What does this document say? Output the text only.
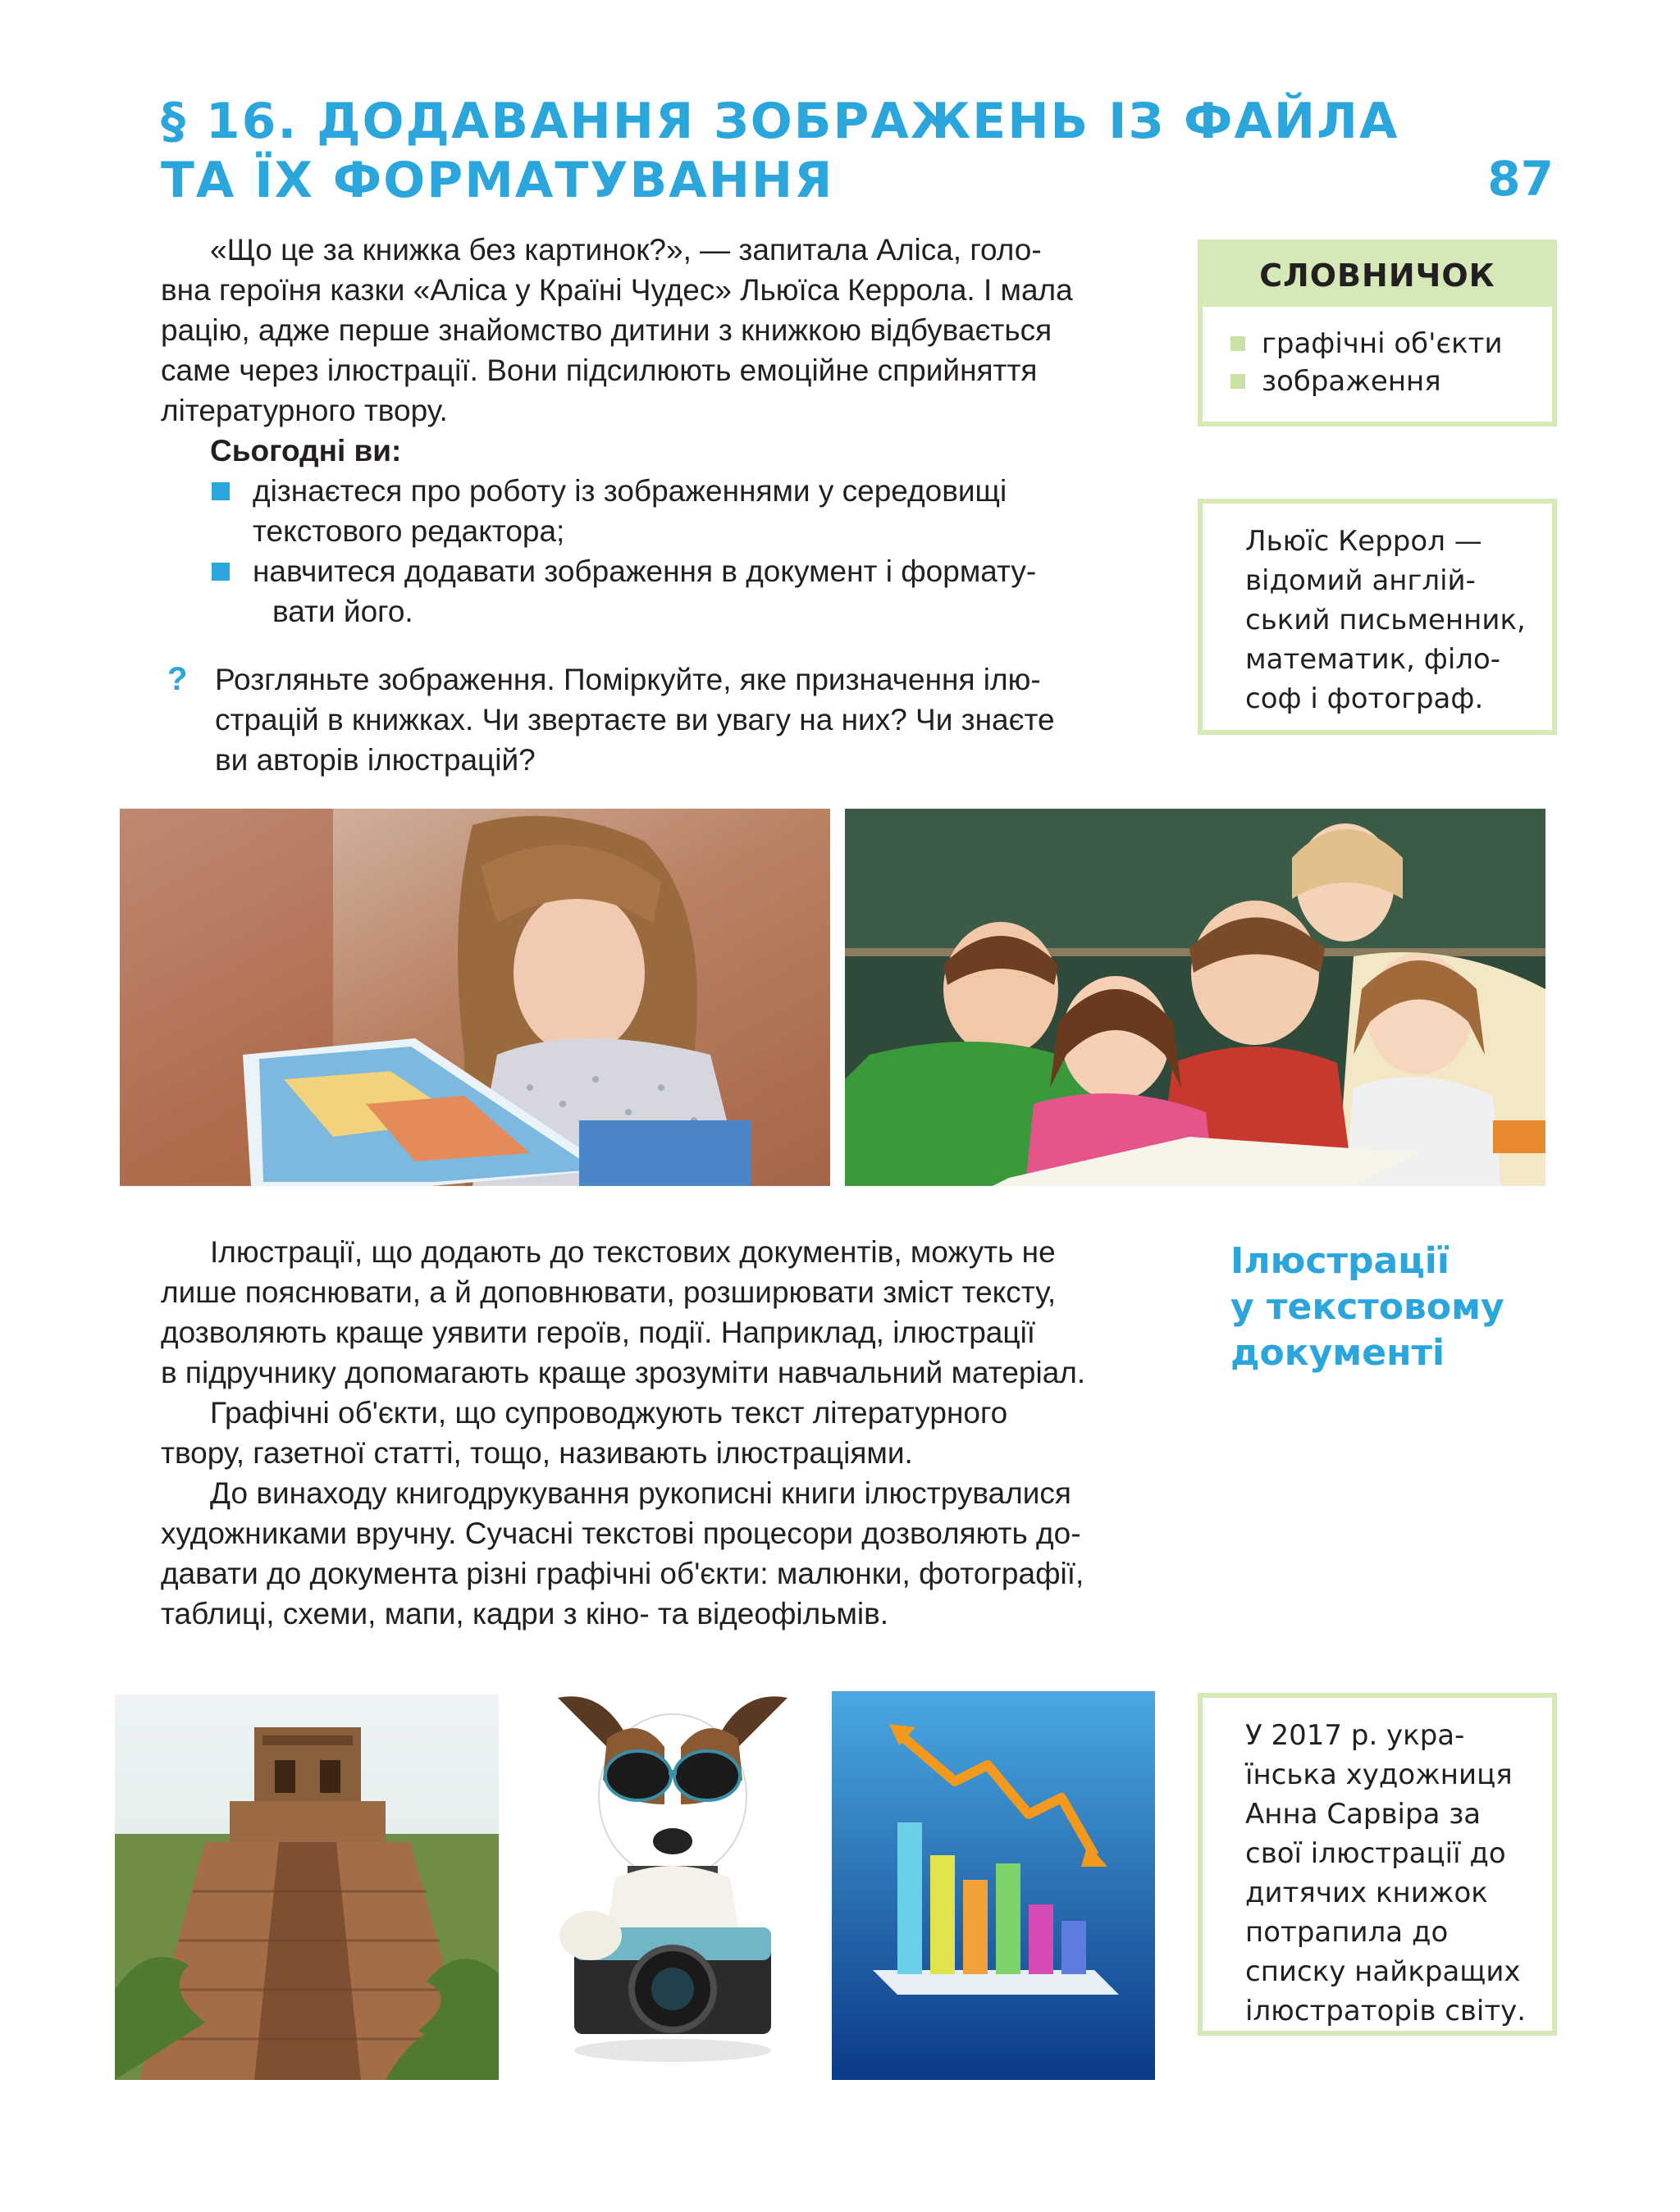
§ 16. ДОДАВАННЯ ЗОБРАЖЕНЬ ІЗ ФАЙЛА
ТА ЇХ ФОРМАТУВАННЯ	87
«Що це за книжка без картинок?», — запитала Аліса, голо-
вна героїня казки «Аліса у Країні Чудес» Льюїса Керрола. І мала
рацію, адже перше знайомство дитини з книжкою відбувається
саме через ілюстрації. Вони підсилюють емоційне сприйняття
літературного твору.
Сьогодні ви:
дізнаєтеся про роботу із зображеннями у середовищі
текстового редактора;
навчитеся додавати зображення в документ і формату-
вати його.
? Розгляньте зображення. Поміркуйте, яке призначення ілю-
страцій в книжках. Чи звертаєте ви увагу на них? Чи знаєте
ви авторів ілюстрацій?
СЛОВНИЧОК
графічні об'єкти
зображення
Льюїс Керрол —
відомий англій-
ський письменник,
математик, філо-
соф і фотограф.
Ілюстрації, що додають до текстових документів, можуть не
лише пояснювати, а й доповнювати, розширювати зміст тексту,
дозволяють краще уявити героїв, події. Наприклад, ілюстрації
в підручнику допомагають краще зрозуміти навчальний матеріал.
Графічні об'єкти, що супроводжують текст літературного
твору, газетної статті, тощо, називають ілюстраціями.
До винаходу книгодрукування рукописні книги ілюструвалися
художниками вручну. Сучасні текстові процесори дозволяють до-
давати до документа різні графічні об'єкти: малюнки, фотографії,
таблиці, схеми, мапи, кадри з кіно- та відеофільмів.
Ілюстрації
у текстовому
документі
У 2017 р. укра-
їнська художниця
Анна Сарвіра за
свої ілюстрації до
дитячих книжок
потрапила до
списку найкращих
ілюстраторів світу.
